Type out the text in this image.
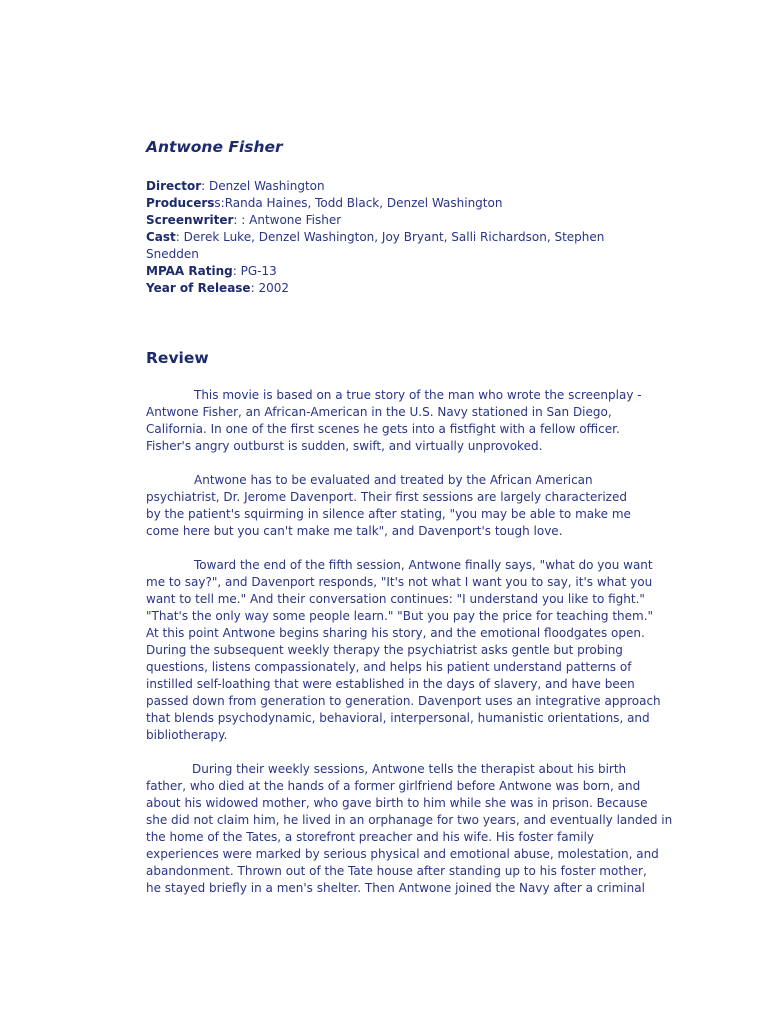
Antwone Fisher
Director: Denzel Washington
Producerss:Randa Haines, Todd Black, Denzel Washington
Screenwriter: : Antwone Fisher
Cast: Derek Luke, Denzel Washington, Joy Bryant, Salli Richardson, Stephen Snedden
MPAA Rating: PG-13
Year of Release: 2002
Review

This movie is based on a true story of the man who wrote the screenplay -
Antwone Fisher, an African-American in the U.S. Navy stationed in San Diego,
California. In one of the first scenes he gets into a fistfight with a fellow officer.
Fisher's angry outburst is sudden, swift, and virtually unprovoked.

Antwone has to be evaluated and treated by the African American
psychiatrist, Dr. Jerome Davenport. Their first sessions are largely characterized
by the patient's squirming in silence after stating, "you may be able to make me
come here but you can't make me talk", and Davenport's tough love.

Toward the end of the fifth session, Antwone finally says, "what do you want
me to say?", and Davenport responds, "It's not what I want you to say, it's what you
want to tell me." And their conversation continues: "I understand you like to fight."
"That's the only way some people learn." "But you pay the price for teaching them."
At this point Antwone begins sharing his story, and the emotional floodgates open.
During the subsequent weekly therapy the psychiatrist asks gentle but probing
questions, listens compassionately, and helps his patient understand patterns of
instilled self-loathing that were established in the days of slavery, and have been
passed down from generation to generation. Davenport uses an integrative approach
that blends psychodynamic, behavioral, interpersonal, humanistic orientations, and
bibliotherapy.

During their weekly sessions, Antwone tells the therapist about his birth
father, who died at the hands of a former girlfriend before Antwone was born, and
about his widowed mother, who gave birth to him while she was in prison. Because
she did not claim him, he lived in an orphanage for two years, and eventually landed in
the home of the Tates, a storefront preacher and his wife. His foster family
experiences were marked by serious physical and emotional abuse, molestation, and
abandonment. Thrown out of the Tate house after standing up to his foster mother,
he stayed briefly in a men's shelter. Then Antwone joined the Navy after a criminal
